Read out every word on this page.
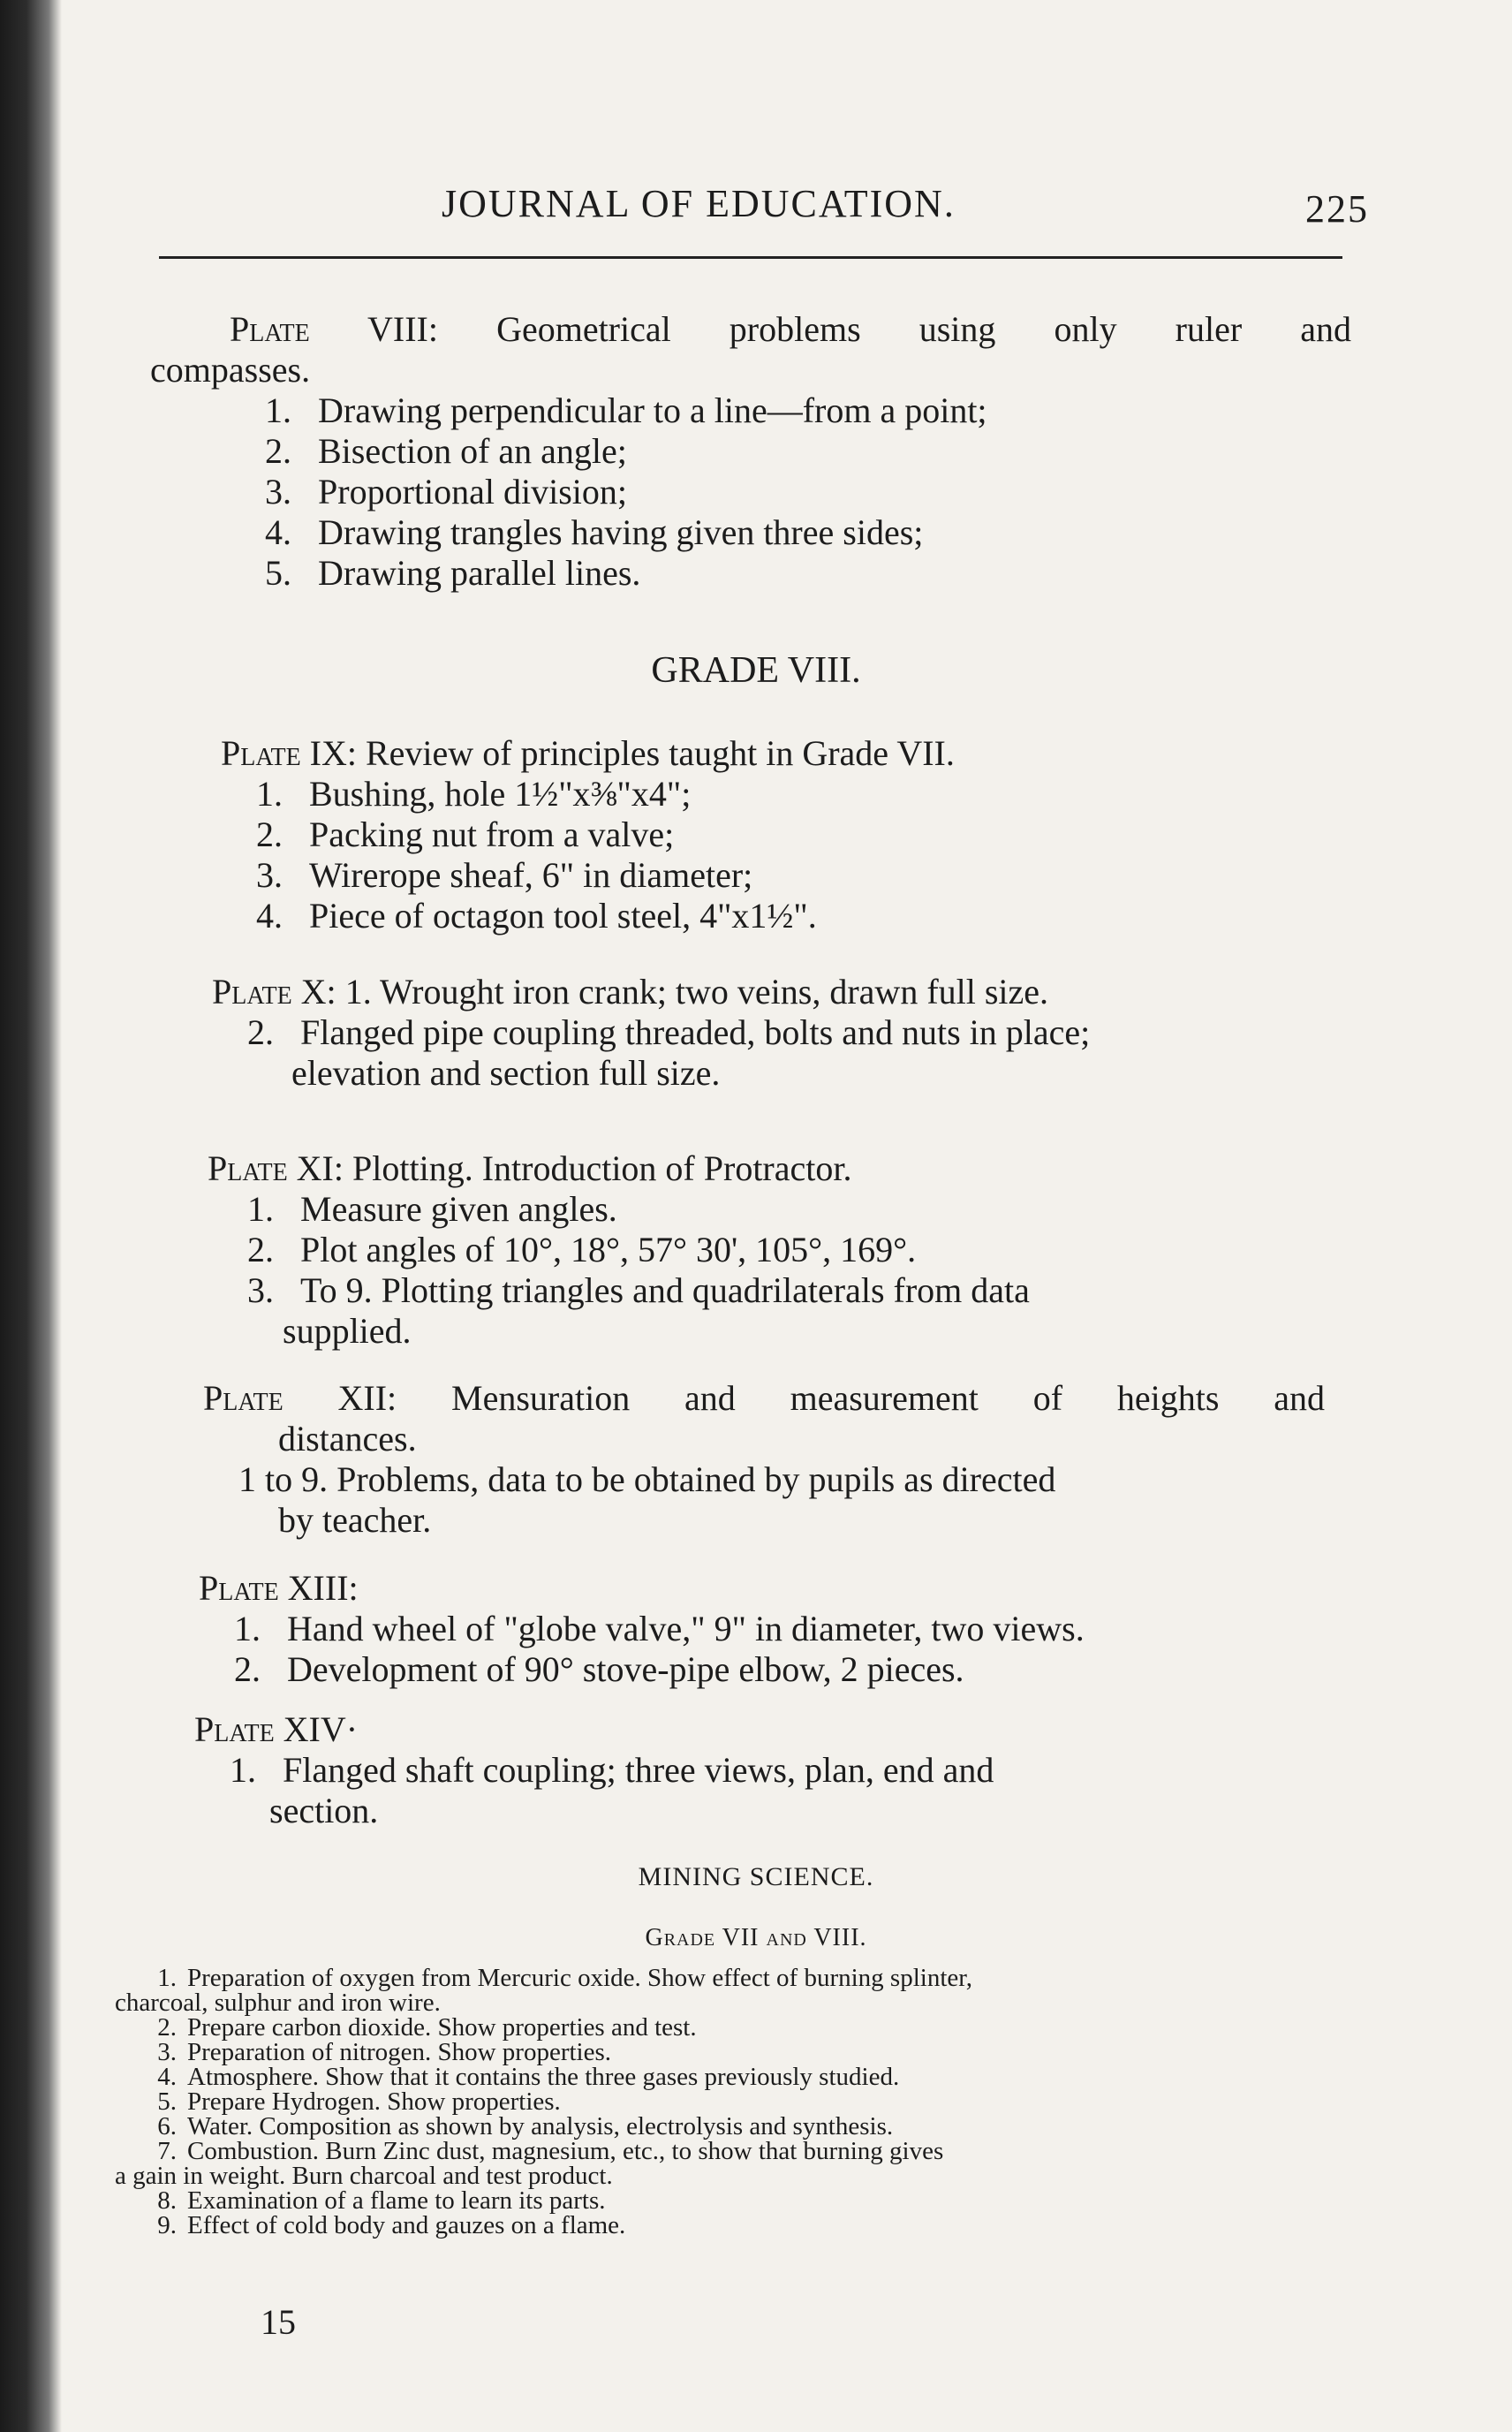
JOURNAL OF EDUCATION.	225

Plate VIII: Geometrical problems using only ruler and

compasses.

1. Drawing perpendicular to a line—from a point;
2. Bisection of an angle;
3. Proportional division;
4. Drawing trangles having given three sides;
5. Drawing parallel lines.
GRADE VIII.

Plate IX: Review of principles taught in Grade VII.

1. Bushing, hole 1½"x⅜"x4";
2. Packing nut from a valve;
3. Wirerope sheaf, 6" in diameter;
4. Piece of octagon tool steel, 4"x1½".

Plate X: 1. Wrought iron crank; two veins, drawn full size.

2. Flanged pipe coupling threaded, bolts and nuts in place;

elevation and section full size.

Plate XI: Plotting. Introduction of Protractor.

1. Measure given angles.
2. Plot angles of 10°, 18°, 57° 30', 105°, 169°.
3. To 9. Plotting triangles and quadrilaterals from data

supplied.

Plate XII: Mensuration and measurement of heights and

distances.

1 to 9. Problems, data to be obtained by pupils as directed

by teacher.

Plate XIII:

1. Hand wheel of "globe valve," 9" in diameter, two views.
2. Development of 90° stove-pipe elbow, 2 pieces.

Plate XIV·

1. Flanged shaft coupling; three views, plan, end and

section.

MINING SCIENCE.
Grade VII and VIII.
1. Preparation of oxygen from Mercuric oxide. Show effect of burning splinter,
charcoal, sulphur and iron wire.
2. Prepare carbon dioxide. Show properties and test.
3. Preparation of nitrogen. Show properties.
4. Atmosphere. Show that it contains the three gases previously studied.
5. Prepare Hydrogen. Show properties.
6. Water. Composition as shown by analysis, electrolysis and synthesis.
7. Combustion. Burn Zinc dust, magnesium, etc., to show that burning gives
a gain in weight. Burn charcoal and test product.
8. Examination of a flame to learn its parts.
9. Effect of cold body and gauzes on a flame.
15
